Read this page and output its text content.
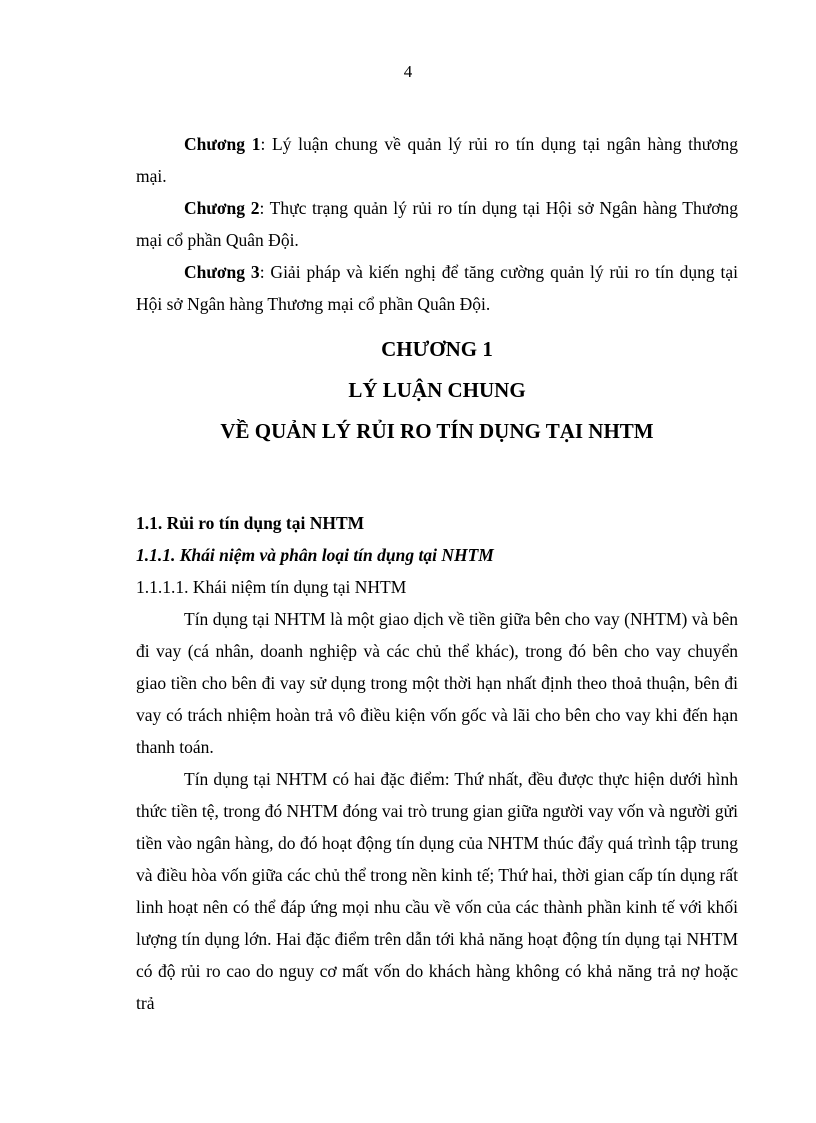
4

Chương 1: Lý luận chung về quản lý rủi ro tín dụng tại ngân hàng thương mại.

Chương 2: Thực trạng quản lý rủi ro tín dụng tại Hội sở Ngân hàng Thương mại cổ phần Quân Đội.

Chương 3: Giải pháp và kiến nghị để tăng cường quản lý rủi ro tín dụng tại Hội sở Ngân hàng Thương mại cổ phần Quân Đội.

CHƯƠNG 1
LÝ LUẬN CHUNG
VỀ QUẢN LÝ RỦI RO TÍN DỤNG TẠI NHTM
1.1. Rủi ro tín dụng tại NHTM
1.1.1. Khái niệm và phân loại tín dụng tại NHTM
1.1.1.1. Khái niệm tín dụng tại NHTM

Tín dụng tại NHTM là một giao dịch về tiền giữa bên cho vay (NHTM) và bên đi vay (cá nhân, doanh nghiệp và các chủ thể khác), trong đó bên cho vay chuyển giao tiền cho bên đi vay sử dụng trong một thời hạn nhất định theo thoả thuận, bên đi vay có trách nhiệm hoàn trả vô điều kiện vốn gốc và lãi cho bên cho vay khi đến hạn thanh toán.

Tín dụng tại NHTM có hai đặc điểm: Thứ nhất, đều được thực hiện dưới hình thức tiền tệ, trong đó NHTM đóng vai trò trung gian giữa người vay vốn và người gửi tiền vào ngân hàng, do đó hoạt động tín dụng của NHTM thúc đẩy quá trình tập trung và điều hòa vốn giữa các chủ thể trong nền kinh tế; Thứ hai, thời gian cấp tín dụng rất linh hoạt nên có thể đáp ứng mọi nhu cầu về vốn của các thành phần kinh tế với khối lượng tín dụng lớn. Hai đặc điểm trên dẫn tới khả năng hoạt động tín dụng tại NHTM có độ rủi ro cao do nguy cơ mất vốn do khách hàng không có khả năng trả nợ hoặc trả
